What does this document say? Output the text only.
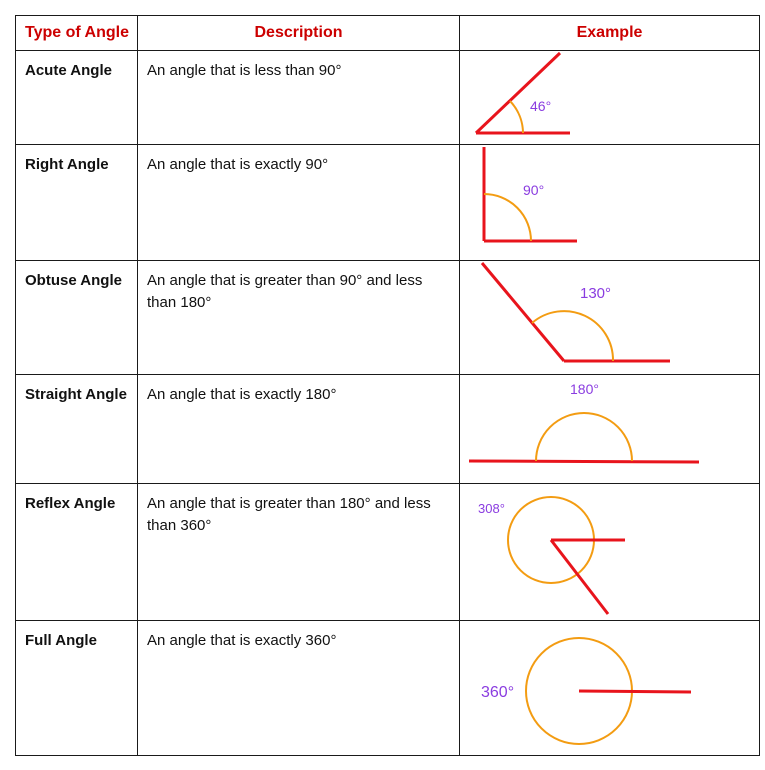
Type of Angle	Description	Example
Acute Angle	An angle that is less than 90°	46°

Right Angle	An angle that is exactly 90°	90°

Obtuse Angle	An angle that is greater than 90° and less than 180°	130°

Straight Angle	An angle that is exactly 180°	180°

Reflex Angle	An angle that is greater than 180° and less than 360°	308°

Full Angle	An angle that is exactly 360°	360°
